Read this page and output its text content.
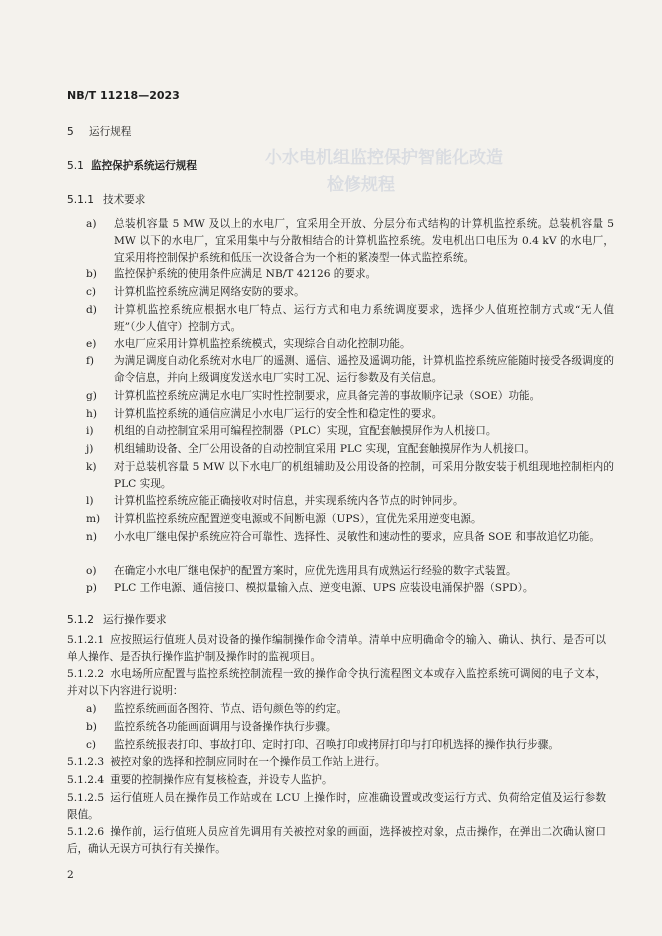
小水电机组监控保护智能化改造
检修规程
NB/T 11218—2023
5 运行规程
5.1 监控保护系统运行规程
5.1.1 技术要求
a) 总装机容量 5 MW 及以上的水电厂，宜采用全开放、分层分布式结构的计算机监控系统。总装机容量 5 MW 以下的水电厂，宜采用集中与分散相结合的计算机监控系统。发电机出口电压为 0.4 kV 的水电厂，宜采用将控制保护系统和低压一次设备合为一个柜的紧凑型一体式监控系统。
b) 监控保护系统的使用条件应满足 NB/T 42126 的要求。
c) 计算机监控系统应满足网络安防的要求。
d) 计算机监控系统应根据水电厂特点、运行方式和电力系统调度要求，选择少人值班控制方式或“无人值班”（少人值守）控制方式。
e) 水电厂应采用计算机监控系统模式，实现综合自动化控制功能。
f) 为满足调度自动化系统对水电厂的遥测、遥信、遥控及遥调功能，计算机监控系统应能随时接受各级调度的命令信息，并向上级调度发送水电厂实时工况、运行参数及有关信息。
g) 计算机监控系统应满足水电厂实时性控制要求，应具备完善的事故顺序记录（SOE）功能。
h) 计算机监控系统的通信应满足小水电厂运行的安全性和稳定性的要求。
i) 机组的自动控制宜采用可编程控制器（PLC）实现，宜配套触摸屏作为人机接口。
j) 机组辅助设备、全厂公用设备的自动控制宜采用 PLC 实现，宜配套触摸屏作为人机接口。
k) 对于总装机容量 5 MW 以下水电厂的机组辅助及公用设备的控制，可采用分散安装于机组现地控制柜内的 PLC 实现。
l) 计算机监控系统应能正确接收对时信息，并实现系统内各节点的时钟同步。
m) 计算机监控系统应配置逆变电源或不间断电源（UPS），宜优先采用逆变电源。
n) 小水电厂继电保护系统应符合可靠性、选择性、灵敏性和速动性的要求，应具备 SOE 和事故追忆功能。
o) 在确定小水电厂继电保护的配置方案时，应优先选用具有成熟运行经验的数字式装置。
p) PLC 工作电源、通信接口、模拟量输入点、逆变电源、UPS 应装设电涌保护器（SPD）。
5.1.2 运行操作要求
5.1.2.1 应按照运行值班人员对设备的操作编制操作命令清单。清单中应明确命令的输入、确认、执行、是否可以单人操作、是否执行操作监护制及操作时的监视项目。
5.1.2.2 水电场所应配置与监控系统控制流程一致的操作命令执行流程图文本或存入监控系统可调阅的电子文本，并对以下内容进行说明：
a) 监控系统画面各图符、节点、语句颜色等的约定。
b) 监控系统各功能画面调用与设备操作执行步骤。
c) 监控系统报表打印、事故打印、定时打印、召唤打印或拷屏打印与打印机选择的操作执行步骤。
5.1.2.3 被控对象的选择和控制应同时在一个操作员工作站上进行。
5.1.2.4 重要的控制操作应有复核检查，并设专人监护。
5.1.2.5 运行值班人员在操作员工作站或在 LCU 上操作时，应准确设置或改变运行方式、负荷给定值及运行参数限值。
5.1.2.6 操作前，运行值班人员应首先调用有关被控对象的画面，选择被控对象，点击操作，在弹出二次确认窗口后，确认无误方可执行有关操作。
2
